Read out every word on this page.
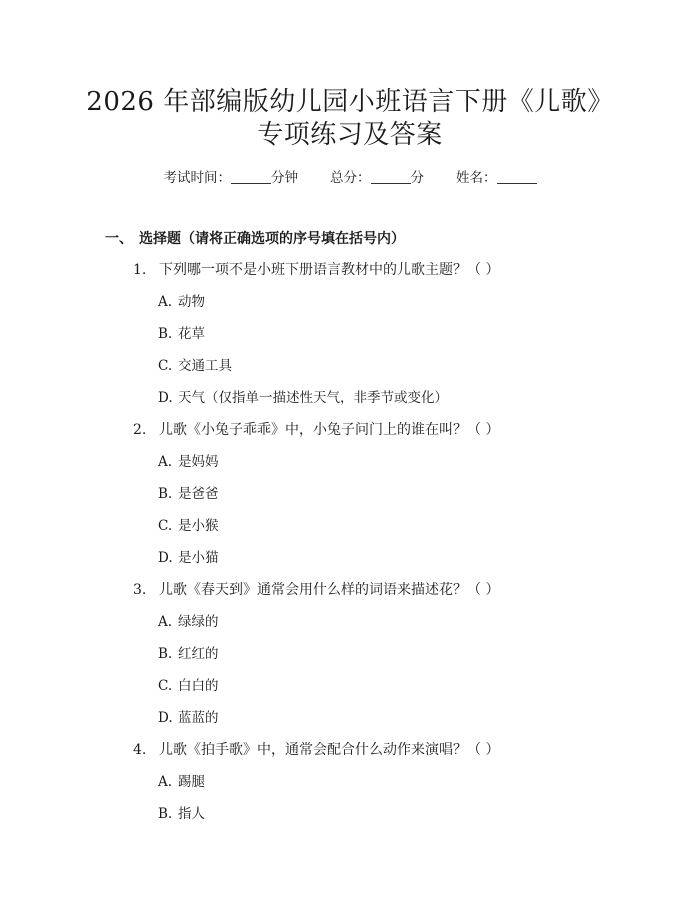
2026 年部编版幼儿园小班语言下册《儿歌》
专项练习及答案
考试时间：	分钟 总分：	分 姓名：
一、 选择题（请将正确选项的序号填在括号内）
1. 下列哪一项不是小班下册语言教材中的儿歌主题？（ ）
A. 动物
B. 花草
C. 交通工具
D. 天气（仅指单一描述性天气，非季节或变化）
2. 儿歌《小兔子乖乖》中，小兔子问门上的谁在叫？（ ）
A. 是妈妈
B. 是爸爸
C. 是小猴
D. 是小猫
3. 儿歌《春天到》通常会用什么样的词语来描述花？（ ）
A. 绿绿的
B. 红红的
C. 白白的
D. 蓝蓝的
4. 儿歌《拍手歌》中，通常会配合什么动作来演唱？（ ）
A. 踢腿
B. 指人
